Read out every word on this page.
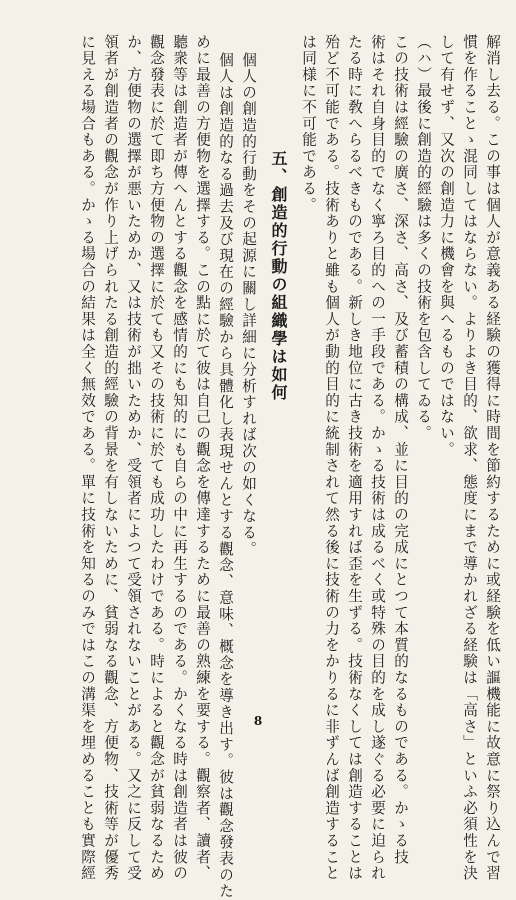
解消し去る。この事は個人が意義ある経験の獲得に時間を節約するために或経験を低い謳機能に故意に祭り込んで習
慣を作ることゝ混同してはならない。よりよき目的、欲求、態度にまで導かれざる経験は「高さ」といふ必須性を決
して有せず、又次の創造力に機會を與へるものではない。
（ハ）最後に創造的經驗は多くの技術を包含してゐる。
この技術は經驗の廣さ、深さ、高さ、及び蓄積の構成、並に目的の完成にとつて本質的なるものである。かゝる技
術はそれ自身目的でなく寧ろ目的への一手段である。かゝる技術は成るべく或特殊の目的を成し遂ぐる必要に迫られ
たる時に敎へらるべきものである。新しき地位に古き技術を適用すれば歪を生ずる。技術なくしては創造することは
殆ど不可能である。技術ありと雖も個人が動的目的に統制されて然る後に技術の力をかりるに非ずんば創造すること
は同様に不可能である。
五、創造的行動の組織學は如何
個人の創造的行動をその起源に關し詳細に分析すれば次の如くなる。
個人は創造的なる過去及び現在の經驗から具體化し表現せんとする觀念、意味、概念を導き出す。彼は觀念發表のた
めに最善の方便物を選擇する。この點に於て彼は自己の觀念を傳達するために最善の熟練を要する。觀察者、讀者、
聽衆等は創造者が傳へんとする觀念を感情的にも知的にも自らの中に再生するのである。かくなる時は創造者は彼の
觀念發表に於て即ち方便物の選擇に於ても又その技術に於ても成功したわけである。時によると觀念が貧弱なるため
か、方便物の選擇が悪いためか、又は技術が拙いためか、受領者によつて受領されないことがある。又之に反して受
領者が創造者の觀念が作り上げられたる創造的經驗の背景を有しないために、貧弱なる觀念、方便物、技術等が優秀
に見える場合もある。かゝる場合の結果は全く無效である。單に技術を知るのみではこの溝渠を埋めることも實際經	8
